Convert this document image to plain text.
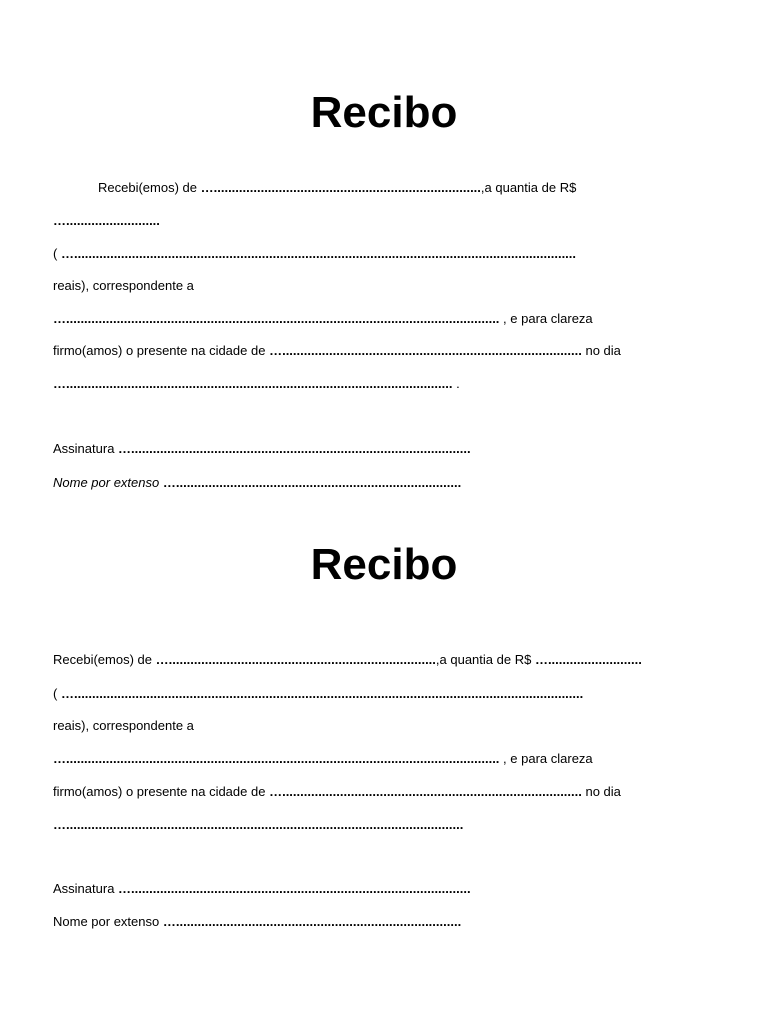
Recibo
Recebi(emos) de …..........................................................................,a quantia de R$
…..........................
( …...........................................................................................................................................
reais), correspondente a
…........................................................................................................................ , e para clareza
firmo(amos) o presente na cidade de …................................................................................... no dia
…........................................................................................................... .
Assinatura …..............................................................................................
Nome por extenso …...............................................................................
Recibo
Recebi(emos) de …..........................................................................,a quantia de R$ …..........................
( ….............................................................................................................................................
reais), correspondente a
…........................................................................................................................ , e para clareza
firmo(amos) o presente na cidade de …................................................................................... no dia
…..............................................................................................................
Assinatura …..............................................................................................
Nome por extenso …...............................................................................
